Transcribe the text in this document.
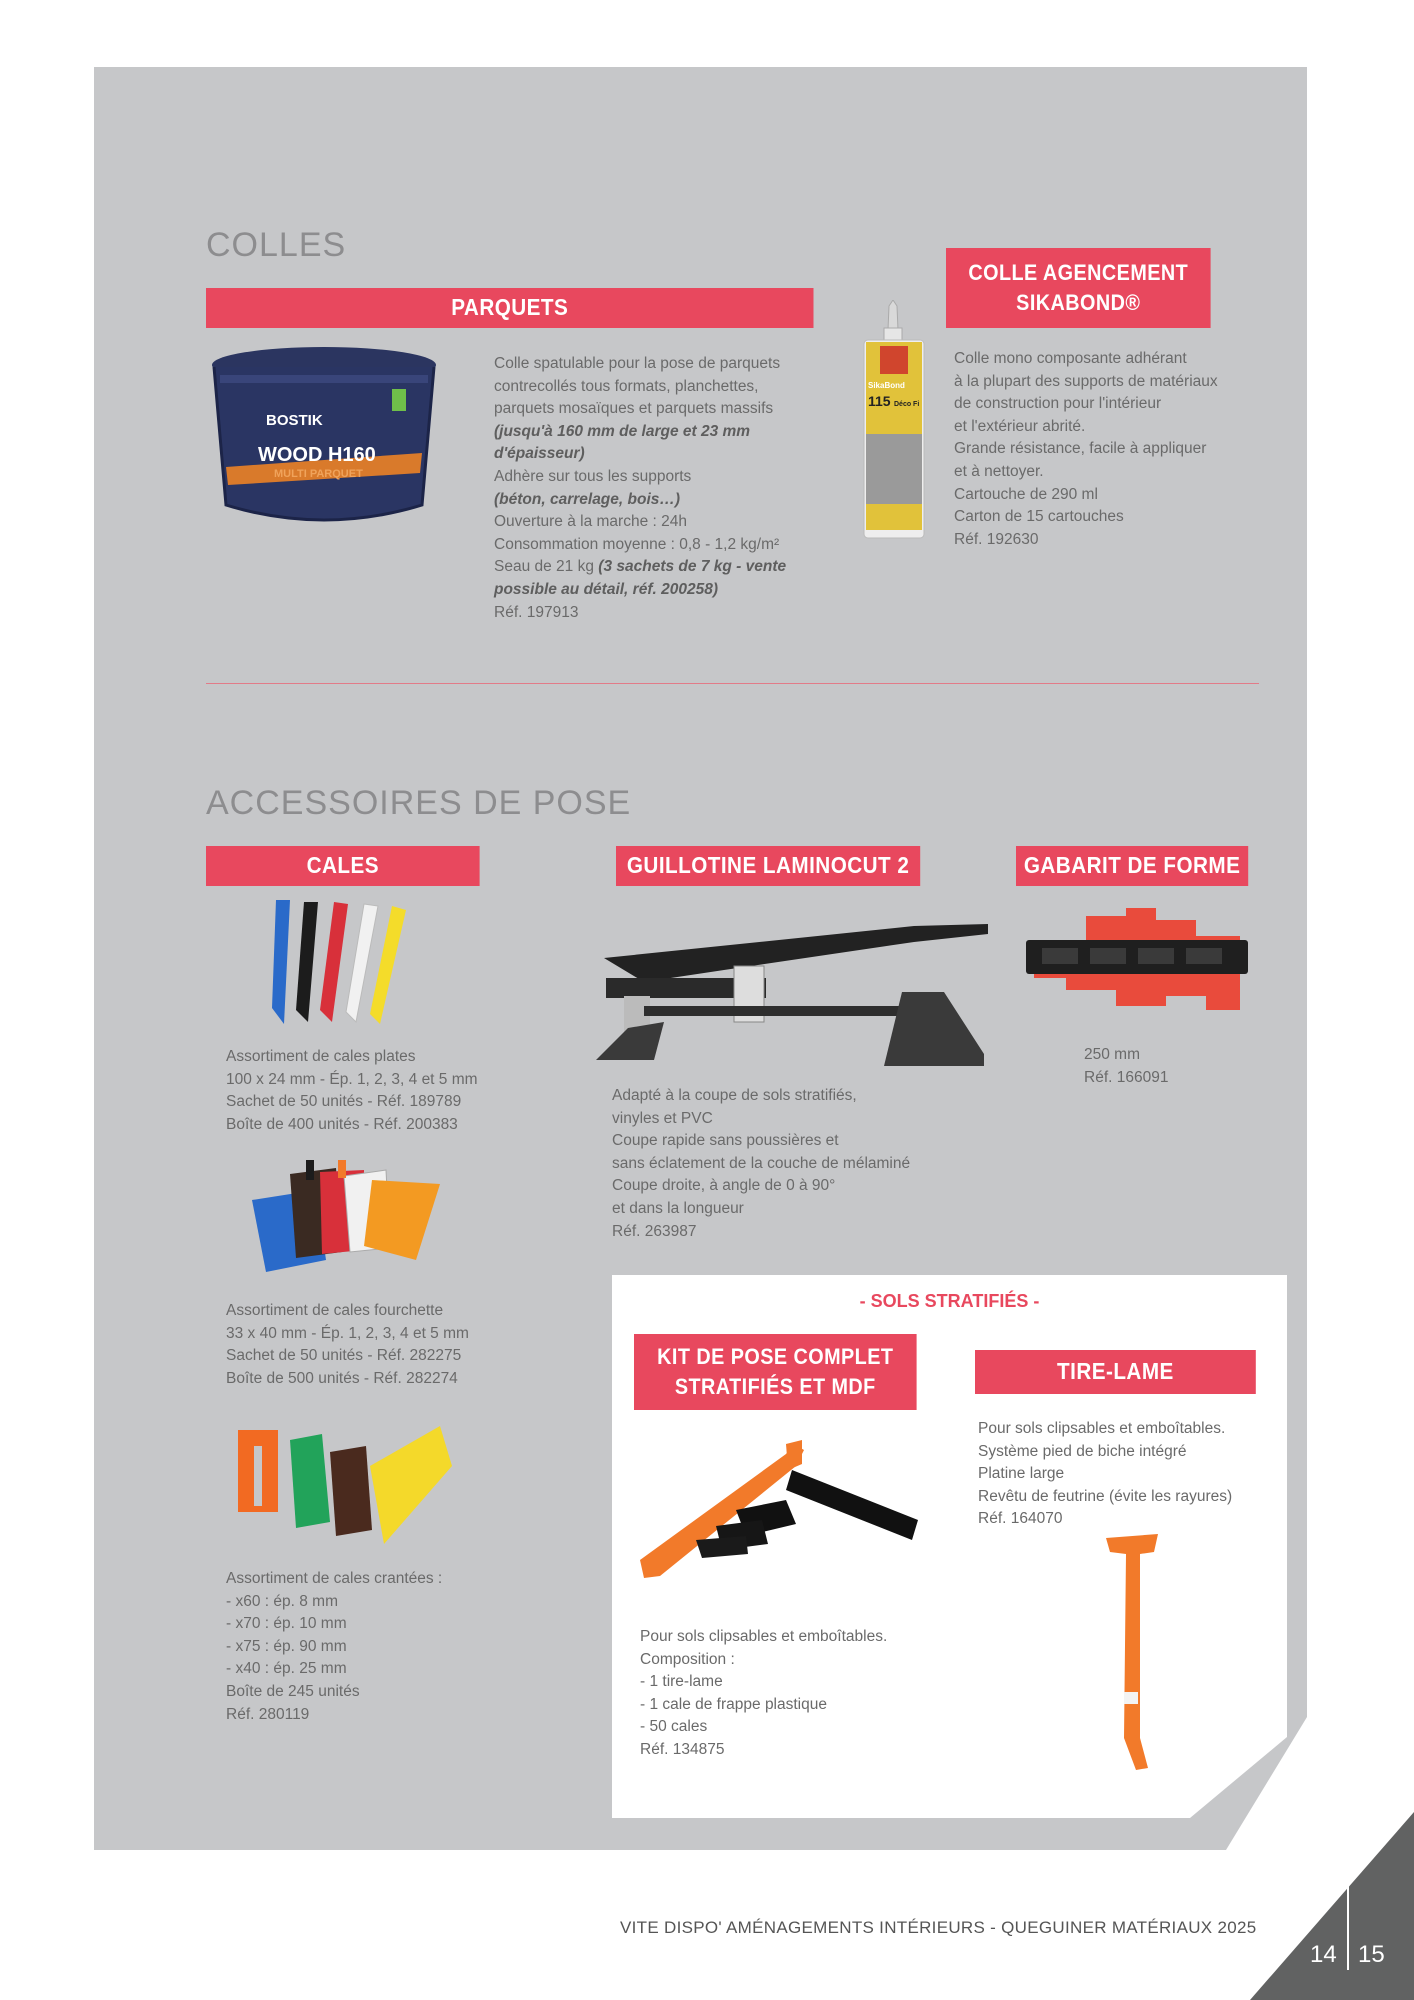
COLLES
PARQUETS
BOSTIK
WOOD H160
MULTI PARQUET
Colle spatulable pour la pose de parquets
contrecollés tous formats, planchettes,
parquets mosaïques et parquets massifs
(jusqu'à 160 mm de large et 23 mm
d'épaisseur)
Adhère sur tous les supports
(béton, carrelage, bois…)
Ouverture à la marche : 24h
Consommation moyenne : 0,8 - 1,2 kg/m²
Seau de 21 kg (3 sachets de 7 kg - vente
possible au détail, réf. 200258)
Réf. 197913
COLLE AGENCEMENT
SIKABOND®
SikaBond
115 Déco Fi
Colle mono composante adhérant
à la plupart des supports de matériaux
de construction pour l'intérieur
et l'extérieur abrité.
Grande résistance, facile à appliquer
et à nettoyer.
Cartouche de 290 ml
Carton de 15 cartouches
Réf. 192630
ACCESSOIRES DE POSE
CALES	GUILLOTINE LAMINOCUT 2	GABARIT DE FORME
Assortiment de cales plates
100 x 24 mm - Ép. 1, 2, 3, 4 et 5 mm
Sachet de 50 unités - Réf. 189789
Boîte de 400 unités - Réf. 200383
Assortiment de cales fourchette
33 x 40 mm - Ép. 1, 2, 3, 4 et 5 mm
Sachet de 50 unités - Réf. 282275
Boîte de 500 unités - Réf. 282274
Assortiment de cales crantées :
- x60 : ép. 8 mm
- x70 : ép. 10 mm
- x75 : ép. 90 mm
- x40 : ép. 25 mm
Boîte de 245 unités
Réf. 280119
Adapté à la coupe de sols stratifiés,
vinyles et PVC
Coupe rapide sans poussières et
sans éclatement de la couche de mélaminé
Coupe droite, à angle de 0 à 90°
et dans la longueur
Réf. 263987
250 mm
Réf. 166091
- SOLS STRATIFIÉS -
KIT DE POSE COMPLET
STRATIFIÉS ET MDF
TIRE-LAME
Pour sols clipsables et emboîtables.
Composition :
- 1 tire-lame
- 1 cale de frappe plastique
- 50 cales
Réf. 134875
Pour sols clipsables et emboîtables.
Système pied de biche intégré
Platine large
Revêtu de feutrine (évite les rayures)
Réf. 164070
VITE DISPO' AMÉNAGEMENTS INTÉRIEURS - QUEGUINER MATÉRIAUX 2025
14 15
